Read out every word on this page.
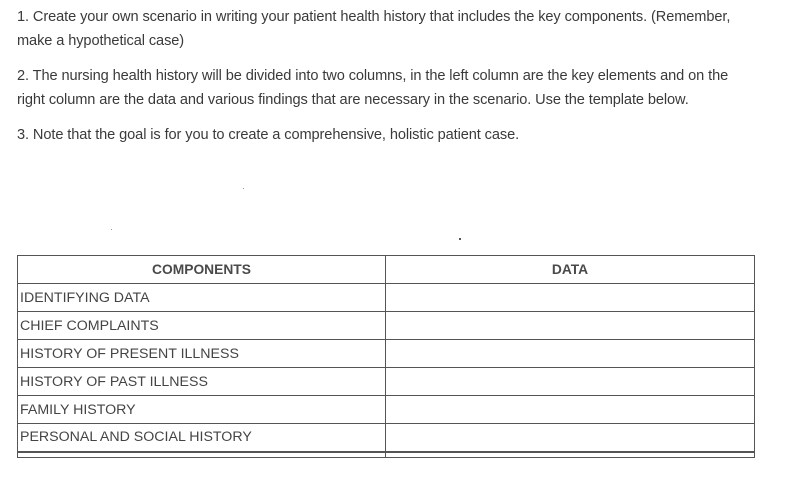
1. Create your own scenario in writing your patient health history that includes the key components. (Remember, make a hypothetical case)

2. The nursing health history will be divided into two columns, in the left column are the key elements and on the right column are the data and various findings that are necessary in the scenario. Use the template below.

3. Note that the goal is for you to create a comprehensive, holistic patient case.

COMPONENTS	DATA
IDENTIFYING DATA	
CHIEF COMPLAINTS	
HISTORY OF PRESENT ILLNESS	
HISTORY OF PAST ILLNESS	
FAMILY HISTORY	
PERSONAL AND SOCIAL HISTORY	
